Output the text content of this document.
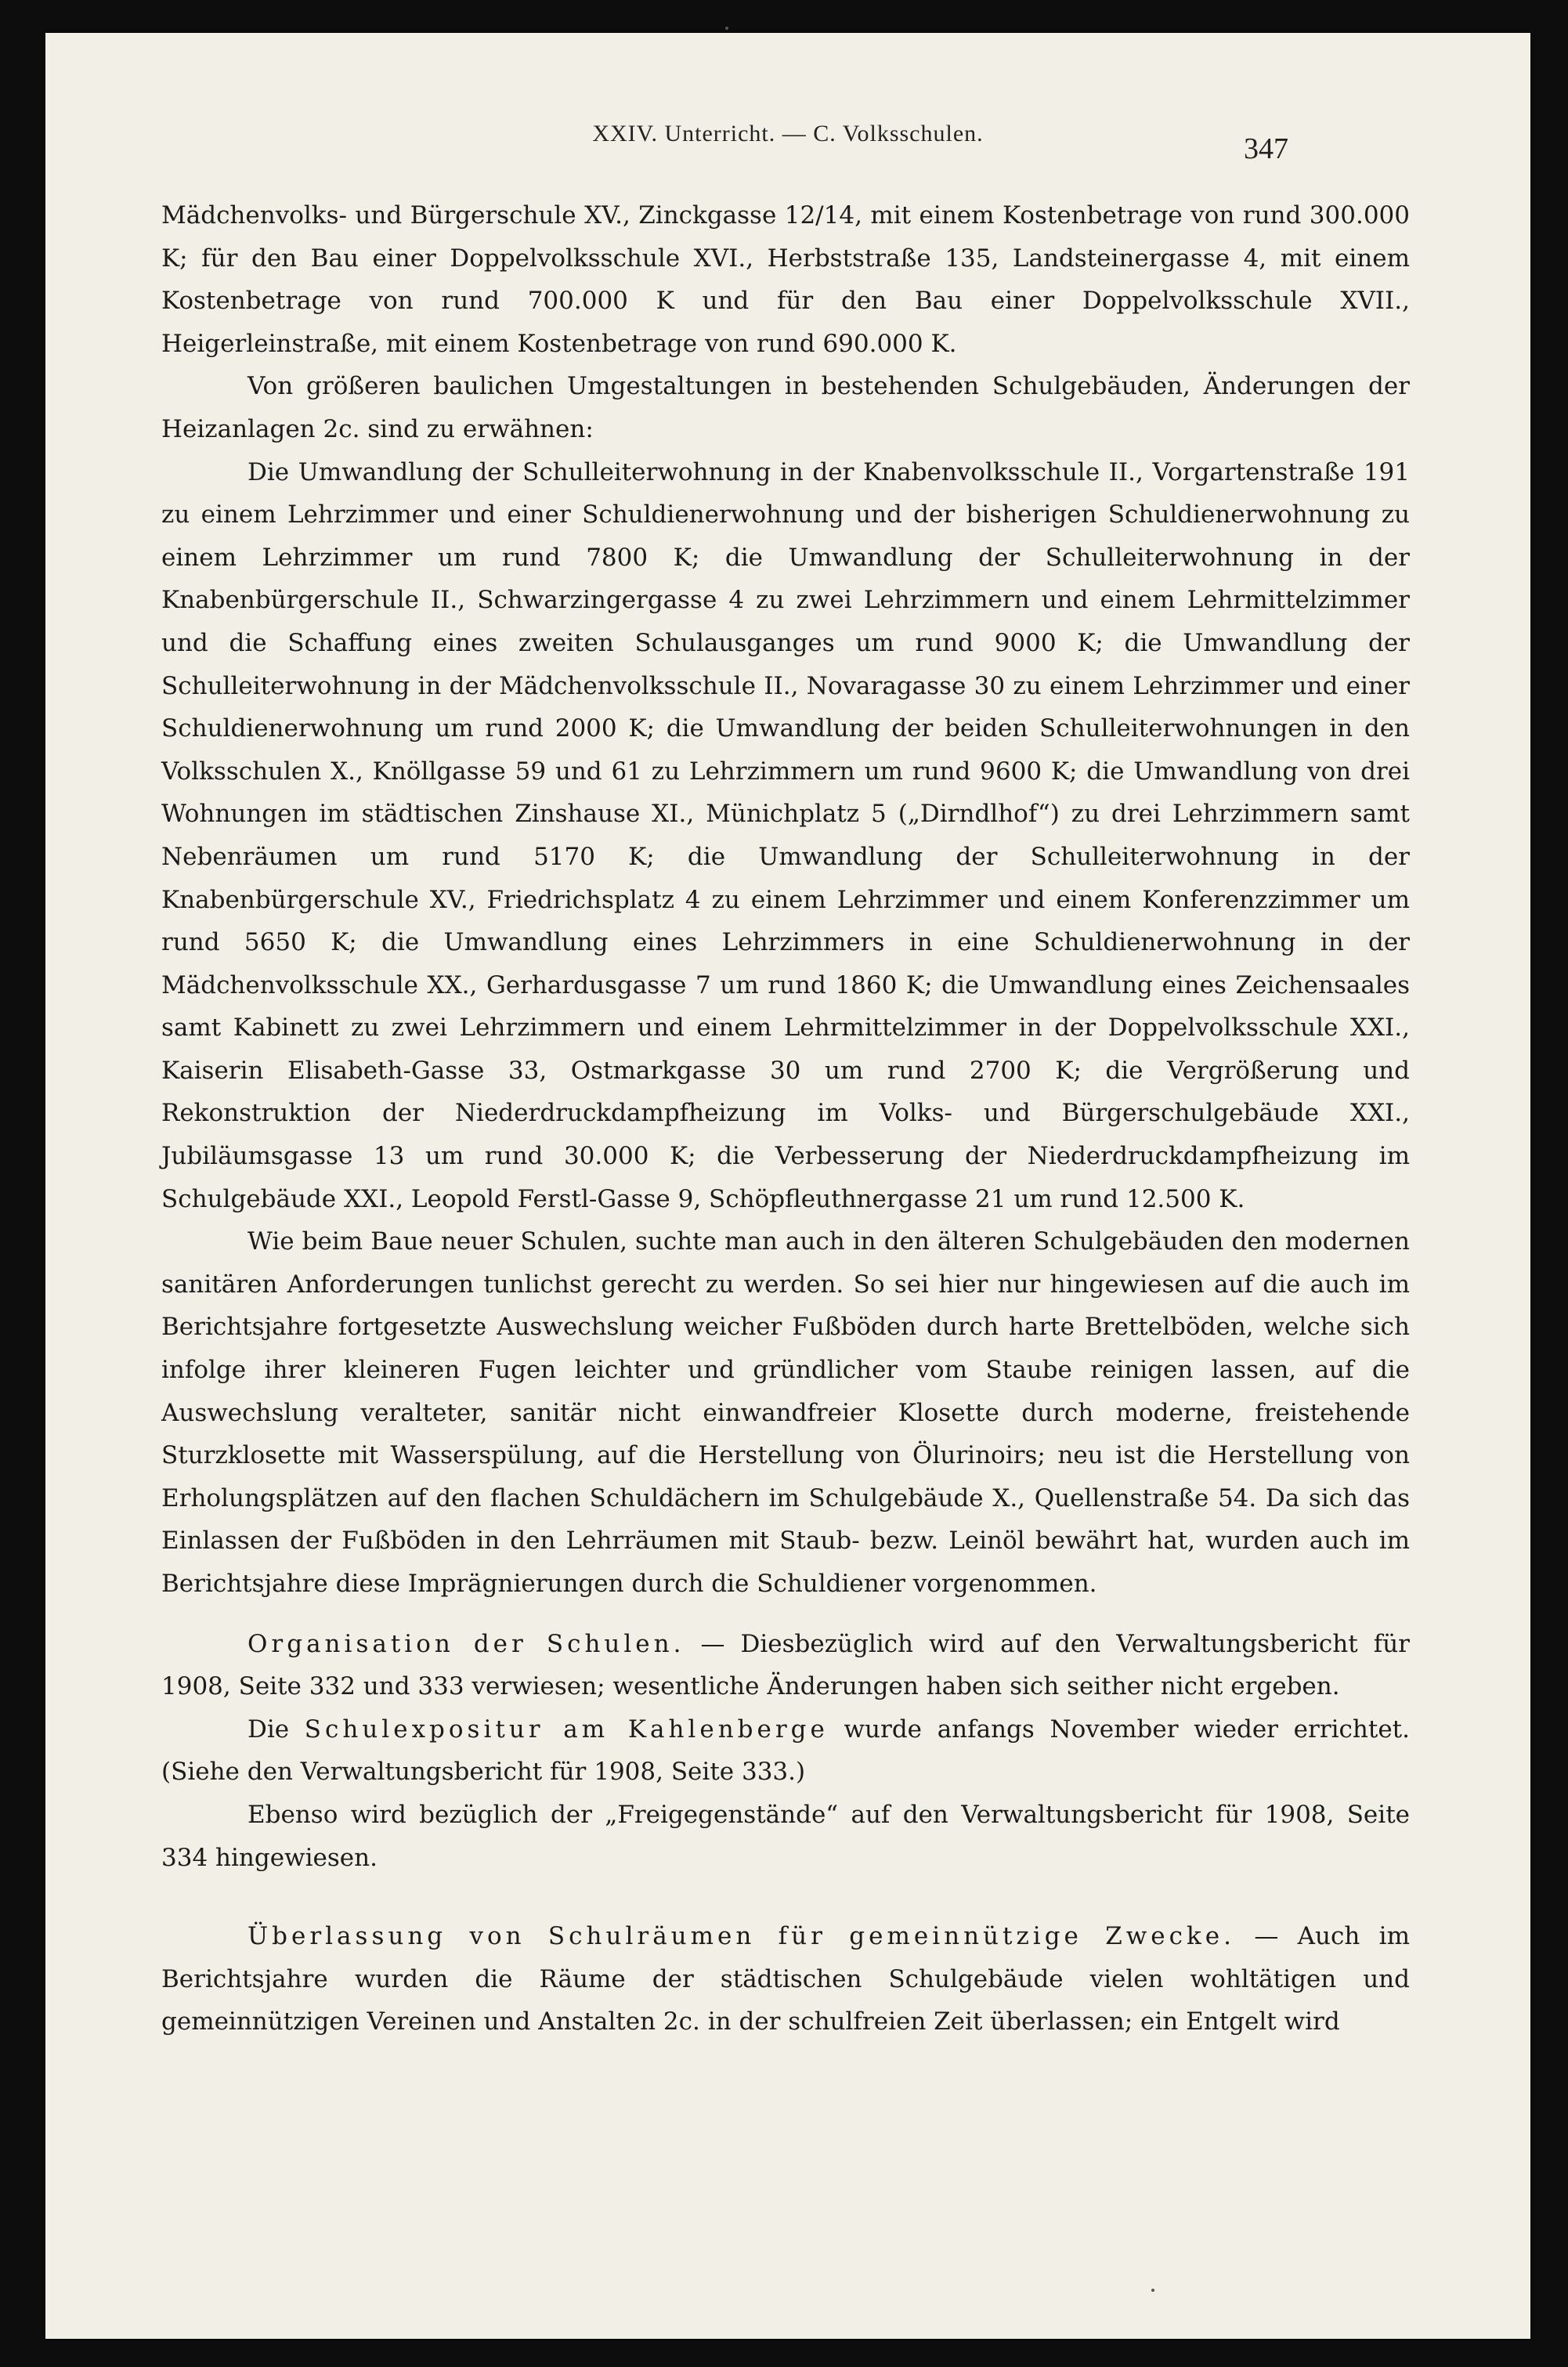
XXIV. Unterricht. — C. Volksschulen.	347

Mädchenvolks- und Bürgerschule XV., Zinckgasse 12/14, mit einem Kostenbetrage von rund 300.000 K; für den Bau einer Doppelvolksschule XVI., Herbststraße 135, Landsteinergasse 4, mit einem Kostenbetrage von rund 700.000 K und für den Bau einer Doppelvolksschule XVII., Heigerleinstraße, mit einem Kostenbetrage von rund 690.000 K.

Von größeren baulichen Umgestaltungen in bestehenden Schulgebäuden, Änderungen der Heizanlagen 2c. sind zu erwähnen:

Die Umwandlung der Schulleiterwohnung in der Knabenvolksschule II., Vorgartenstraße 191 zu einem Lehrzimmer und einer Schuldienerwohnung und der bisherigen Schuldienerwohnung zu einem Lehrzimmer um rund 7800 K; die Umwandlung der Schulleiterwohnung in der Knabenbürgerschule II., Schwarzingergasse 4 zu zwei Lehrzimmern und einem Lehrmittelzimmer und die Schaffung eines zweiten Schulausganges um rund 9000 K; die Umwandlung der Schulleiterwohnung in der Mädchenvolksschule II., Novaragasse 30 zu einem Lehrzimmer und einer Schuldienerwohnung um rund 2000 K; die Umwandlung der beiden Schulleiterwohnungen in den Volksschulen X., Knöllgasse 59 und 61 zu Lehrzimmern um rund 9600 K; die Umwandlung von drei Wohnungen im städtischen Zinshause XI., Münichplatz 5 („Dirndlhof“) zu drei Lehrzimmern samt Nebenräumen um rund 5170 K; die Umwandlung der Schulleiterwohnung in der Knabenbürgerschule XV., Friedrichsplatz 4 zu einem Lehrzimmer und einem Konferenzzimmer um rund 5650 K; die Umwandlung eines Lehrzimmers in eine Schuldienerwohnung in der Mädchenvolksschule XX., Gerhardusgasse 7 um rund 1860 K; die Umwandlung eines Zeichensaales samt Kabinett zu zwei Lehrzimmern und einem Lehrmittelzimmer in der Doppelvolksschule XXI., Kaiserin Elisabeth-Gasse 33, Ostmarkgasse 30 um rund 2700 K; die Vergrößerung und Rekonstruktion der Niederdruckdampfheizung im Volks- und Bürgerschulgebäude XXI., Jubiläumsgasse 13 um rund 30.000 K; die Verbesserung der Niederdruckdampfheizung im Schulgebäude XXI., Leopold Ferstl-Gasse 9, Schöpfleuthnergasse 21 um rund 12.500 K.

Wie beim Baue neuer Schulen, suchte man auch in den älteren Schulgebäuden den modernen sanitären Anforderungen tunlichst gerecht zu werden. So sei hier nur hingewiesen auf die auch im Berichtsjahre fortgesetzte Auswechslung weicher Fußböden durch harte Brettelböden, welche sich infolge ihrer kleineren Fugen leichter und gründlicher vom Staube reinigen lassen, auf die Auswechslung veralteter, sanitär nicht einwandfreier Klosette durch moderne, freistehende Sturzklosette mit Wasserspülung, auf die Herstellung von Ölurinoirs; neu ist die Herstellung von Erholungsplätzen auf den flachen Schuldächern im Schulgebäude X., Quellenstraße 54. Da sich das Einlassen der Fußböden in den Lehrräumen mit Staub- bezw. Leinöl bewährt hat, wurden auch im Berichtsjahre diese Imprägnierungen durch die Schuldiener vorgenommen.

Organisation der Schulen. — Diesbezüglich wird auf den Verwaltungsbericht für 1908, Seite 332 und 333 verwiesen; wesentliche Änderungen haben sich seither nicht ergeben.

Die Schulexpositur am Kahlenberge wurde anfangs November wieder errichtet. (Siehe den Verwaltungsbericht für 1908, Seite 333.)

Ebenso wird bezüglich der „Freigegenstände“ auf den Verwaltungsbericht für 1908, Seite 334 hingewiesen.

Überlassung von Schulräumen für gemeinnützige Zwecke. — Auch im Berichtsjahre wurden die Räume der städtischen Schulgebäude vielen wohltätigen und gemeinnützigen Vereinen und Anstalten 2c. in der schulfreien Zeit überlassen; ein Entgelt wird
